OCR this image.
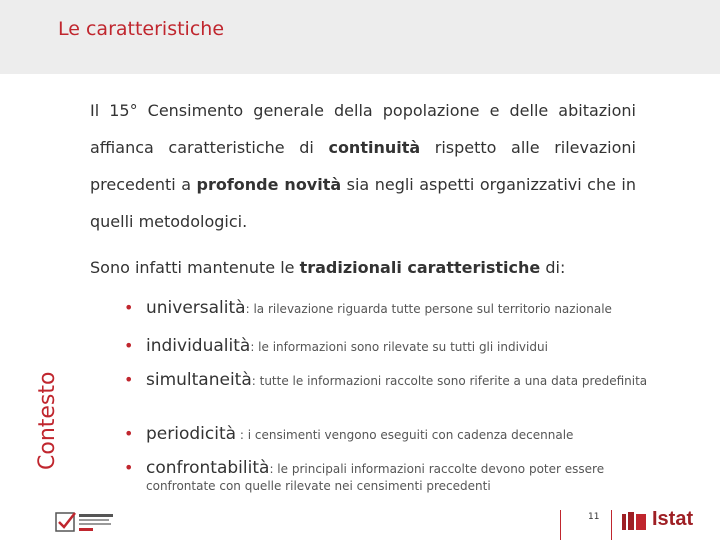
Le caratteristiche
Contesto
Il 15° Censimento generale della popolazione e delle abitazioni affianca caratteristiche di continuità rispetto alle rilevazioni precedenti a profonde novità sia negli aspetti organizzativi che in quelli metodologici.
Sono infatti mantenute le tradizionali caratteristiche di:
• universalità: la rilevazione riguarda tutte persone sul territorio nazionale
• individualità: le informazioni sono rilevate su tutti gli individui
• simultaneità: tutte le informazioni raccolte sono riferite a una data predefinita
• periodicità : i censimenti vengono eseguiti con cadenza decennale
• confrontabilità: le principali informazioni raccolte devono poter essere confrontate con quelle rilevate nei censimenti precedenti
11	Istat
